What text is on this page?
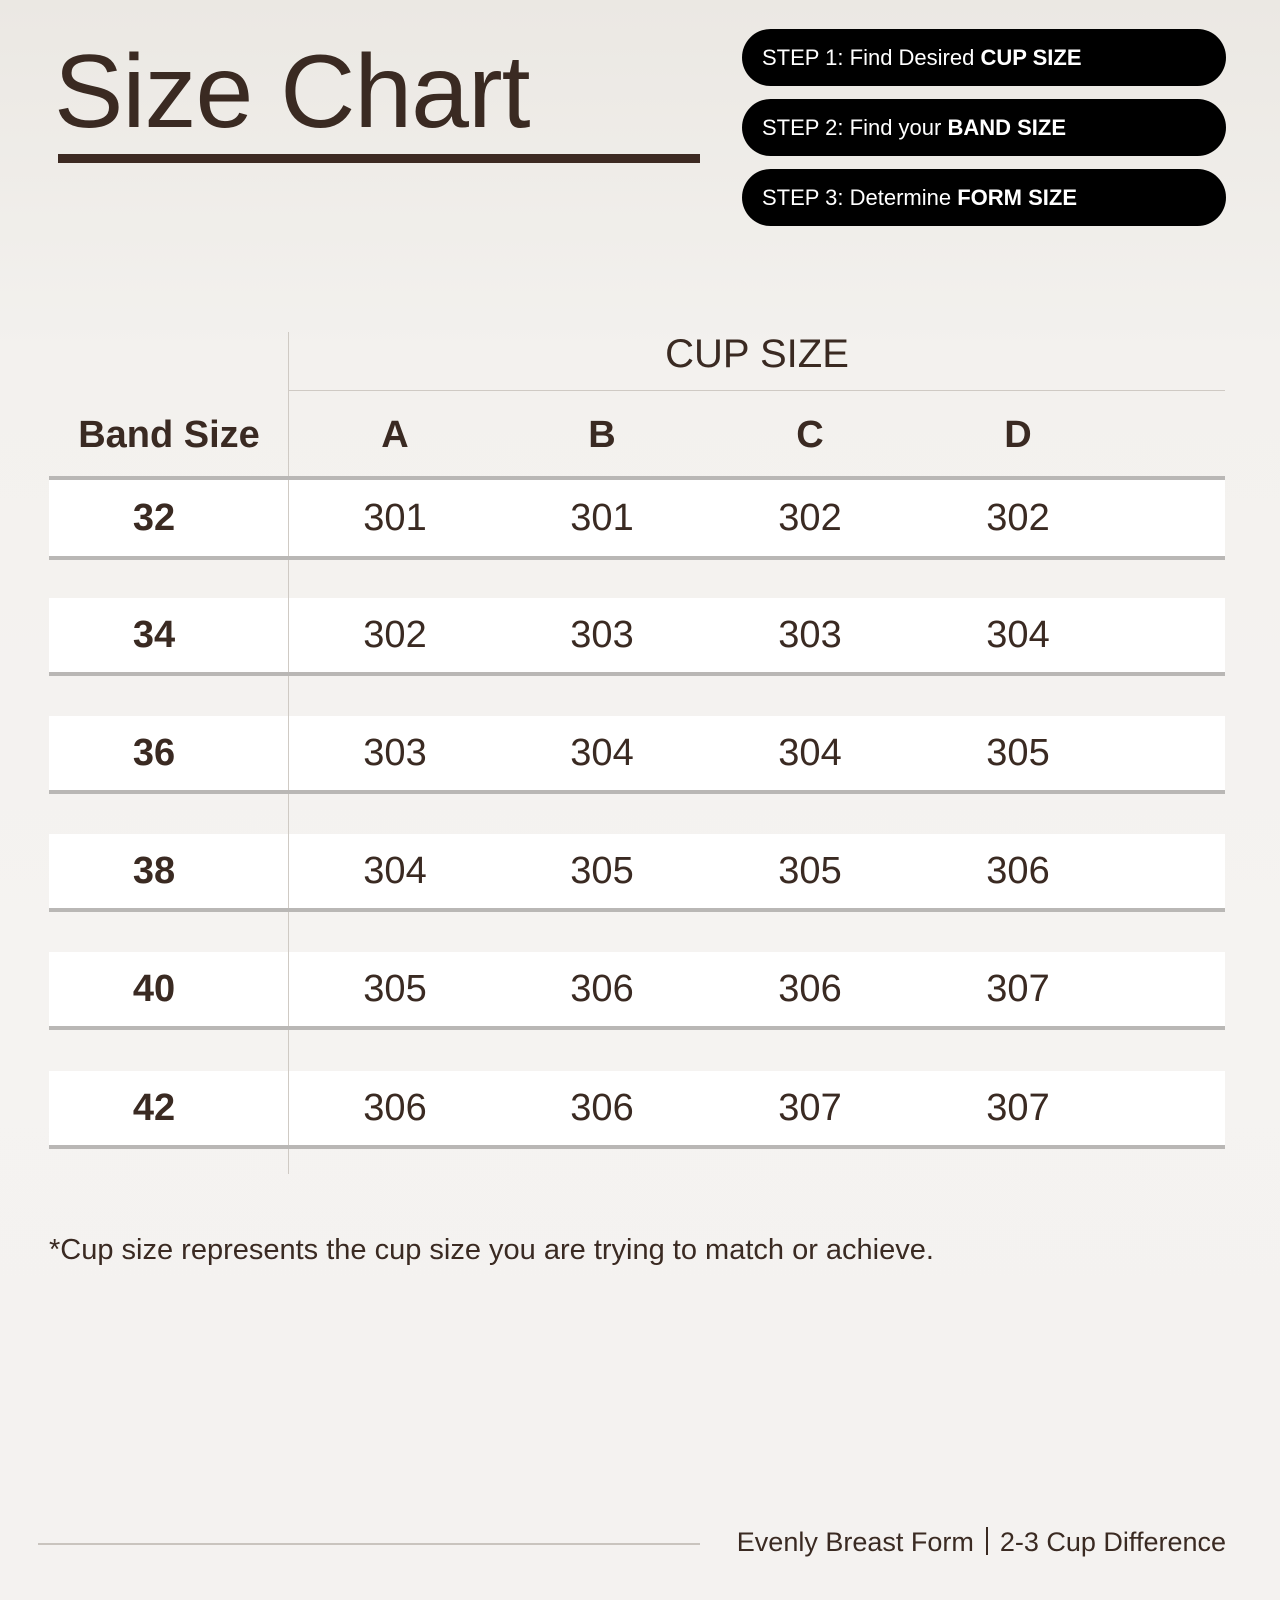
Size Chart	STEP 1: Find Desired CUP SIZE
STEP 2: Find your BAND SIZE
STEP 3: Determine FORM SIZE
CUP SIZE
Band Size	A	B	C	D
32	301	301	302	302
34	302	303	303	304
36	303	304	304	305
38	304	305	305	306
40	305	306	306	307
42	306	306	307	307
*Cup size represents the cup size you are trying to match or achieve.
Evenly Breast Form 2-3 Cup Difference
